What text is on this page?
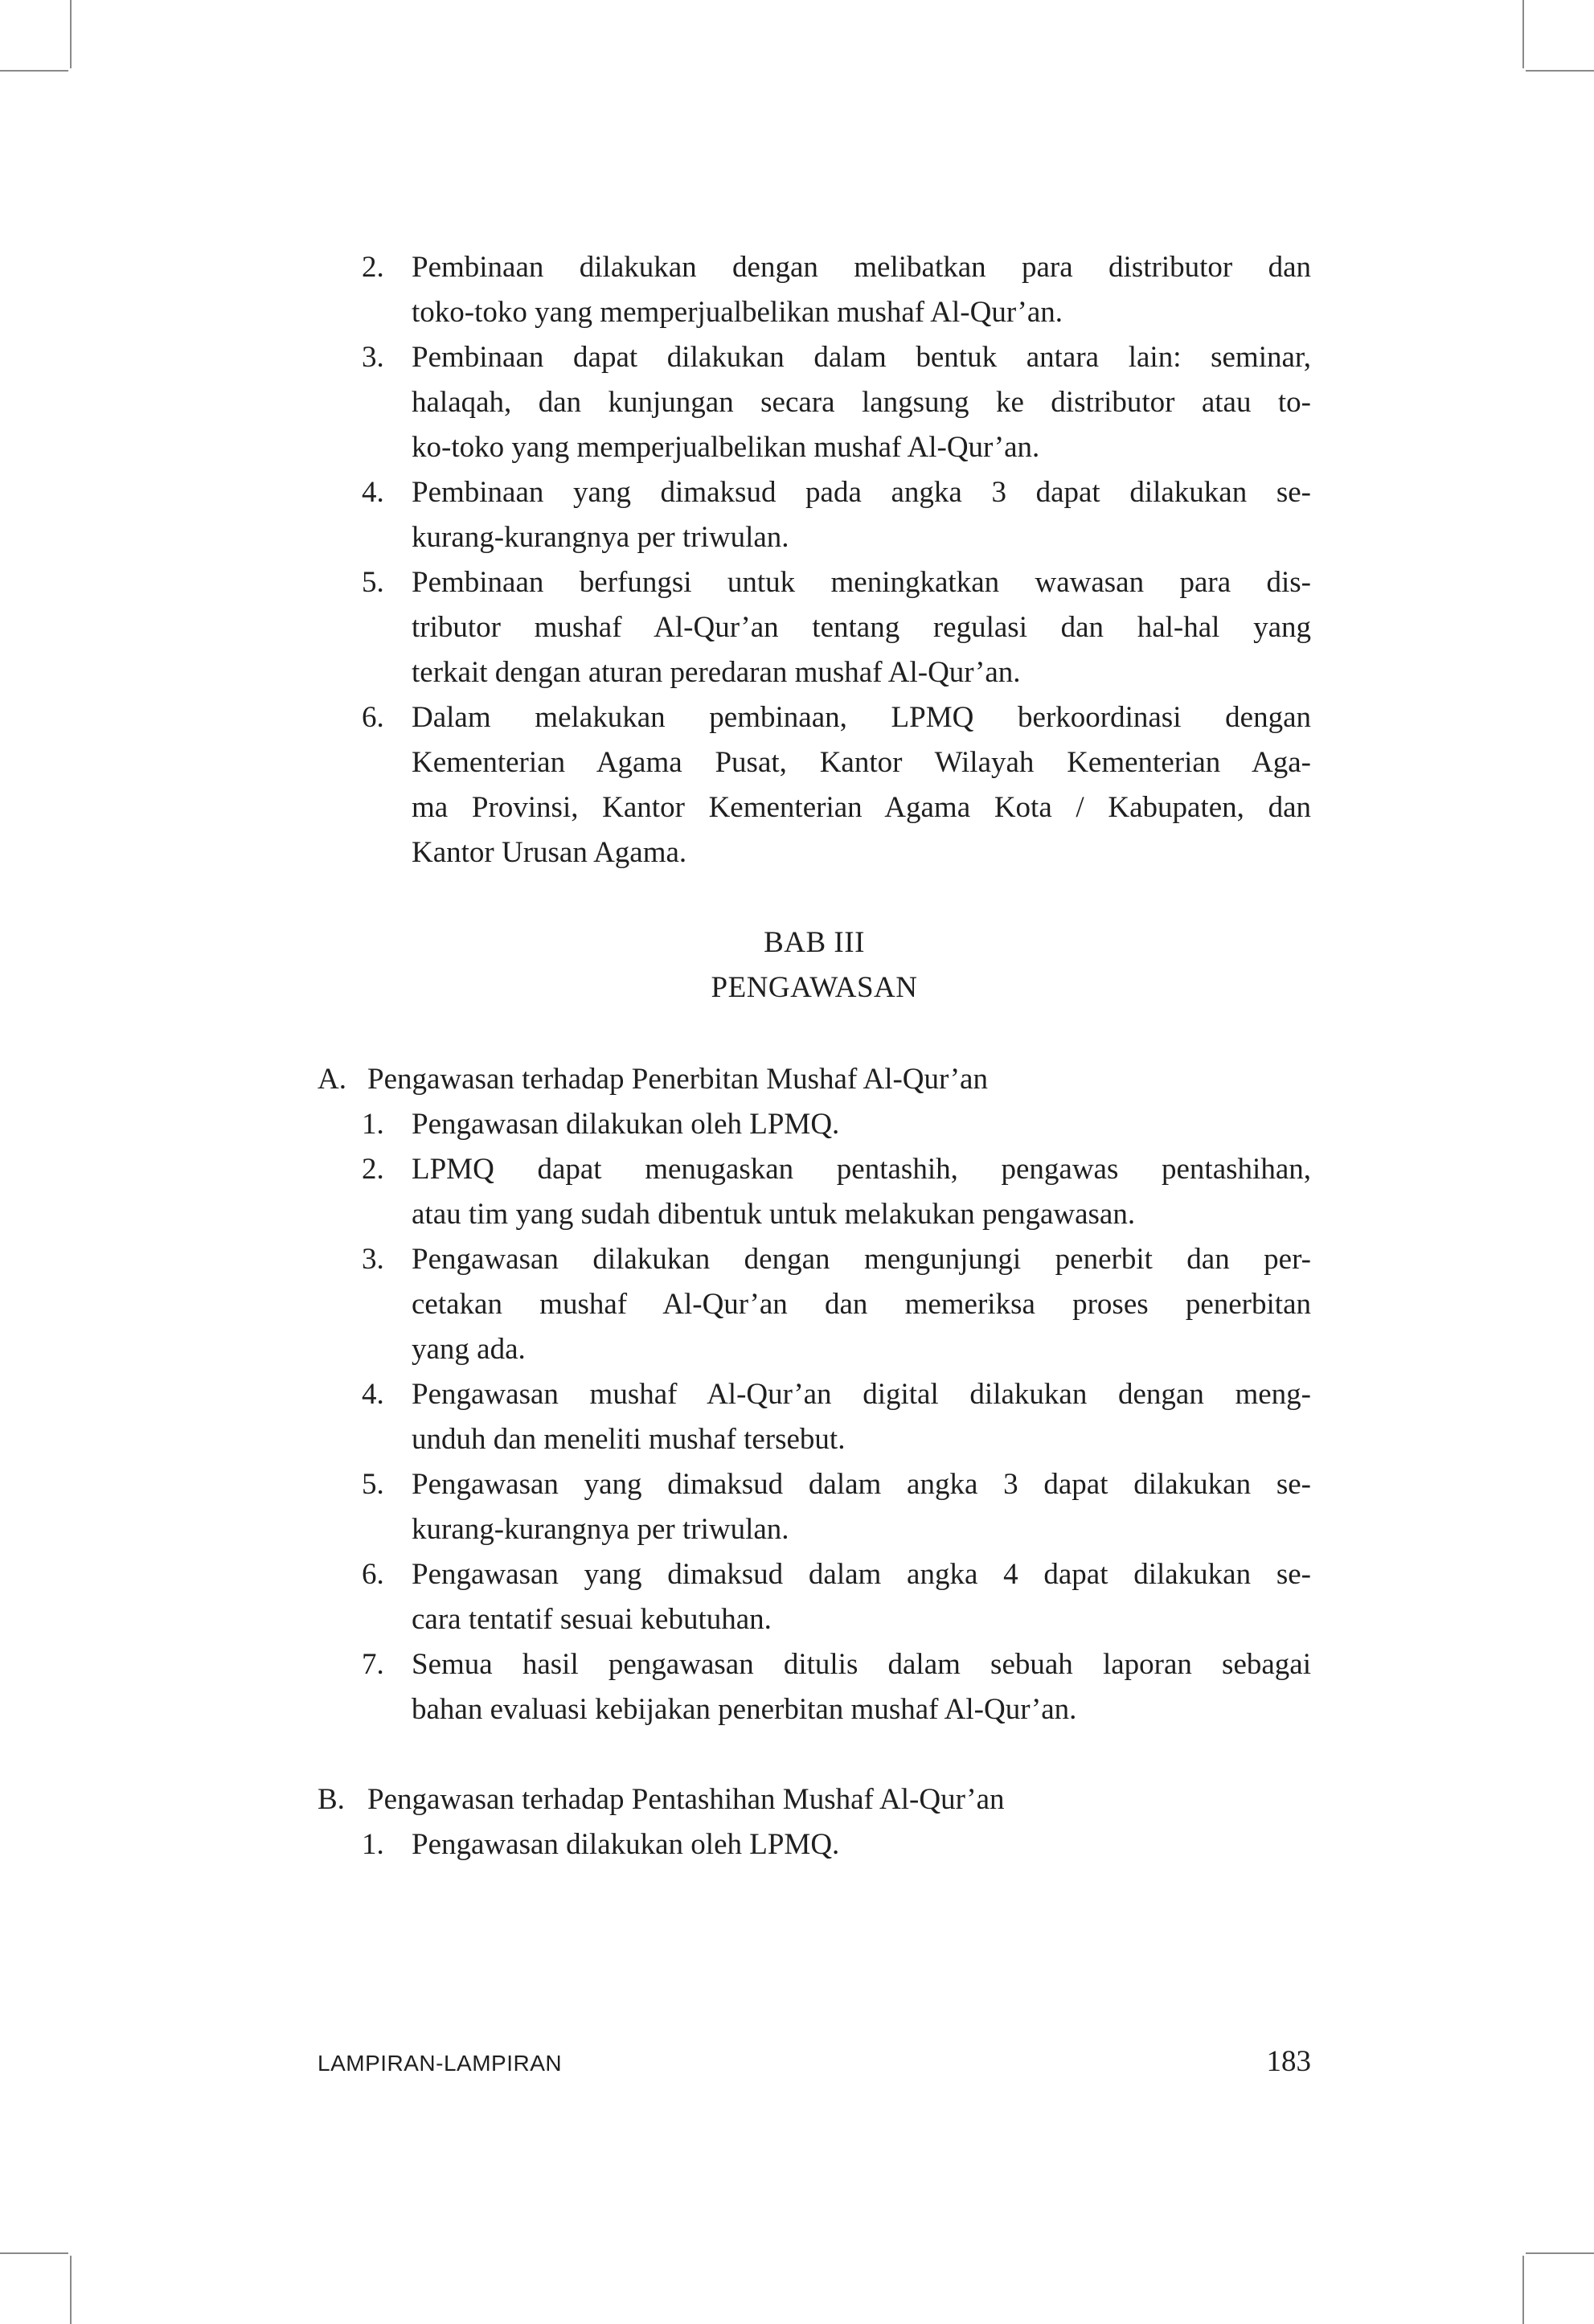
2. Pembinaan dilakukan dengan melibatkan para distributor dan
toko-toko yang memperjualbelikan mushaf Al-Qur’an.
3. Pembinaan dapat dilakukan dalam bentuk antara lain: seminar,
halaqah, dan kunjungan secara langsung ke distributor atau to-
ko-toko yang memperjualbelikan mushaf Al-Qur’an.
4. Pembinaan yang dimaksud pada angka 3 dapat dilakukan se-
kurang-kurangnya per triwulan.
5. Pembinaan berfungsi untuk meningkatkan wawasan para dis-
tributor mushaf Al-Qur’an tentang regulasi dan hal-hal yang
terkait dengan aturan peredaran mushaf Al-Qur’an.
6. Dalam melakukan pembinaan, LPMQ berkoordinasi dengan
Kementerian Agama Pusat, Kantor Wilayah Kementerian Aga-
ma Provinsi, Kantor Kementerian Agama Kota / Kabupaten, dan
Kantor Urusan Agama.
BAB III
PENGAWASAN
A. Pengawasan terhadap Penerbitan Mushaf Al-Qur’an
1. Pengawasan dilakukan oleh LPMQ.
2. LPMQ dapat menugaskan pentashih, pengawas pentashihan,
atau tim yang sudah dibentuk untuk melakukan pengawasan.
3. Pengawasan dilakukan dengan mengunjungi penerbit dan per-
cetakan mushaf Al-Qur’an dan memeriksa proses penerbitan
yang ada.
4. Pengawasan mushaf Al-Qur’an digital dilakukan dengan meng-
unduh dan meneliti mushaf tersebut.
5. Pengawasan yang dimaksud dalam angka 3 dapat dilakukan se-
kurang-kurangnya per triwulan.
6. Pengawasan yang dimaksud dalam angka 4 dapat dilakukan se-
cara tentatif sesuai kebutuhan.
7. Semua hasil pengawasan ditulis dalam sebuah laporan sebagai
bahan evaluasi kebijakan penerbitan mushaf Al-Qur’an.
B. Pengawasan terhadap Pentashihan Mushaf Al-Qur’an
1. Pengawasan dilakukan oleh LPMQ.
LAMPIRAN-LAMPIRAN	183
